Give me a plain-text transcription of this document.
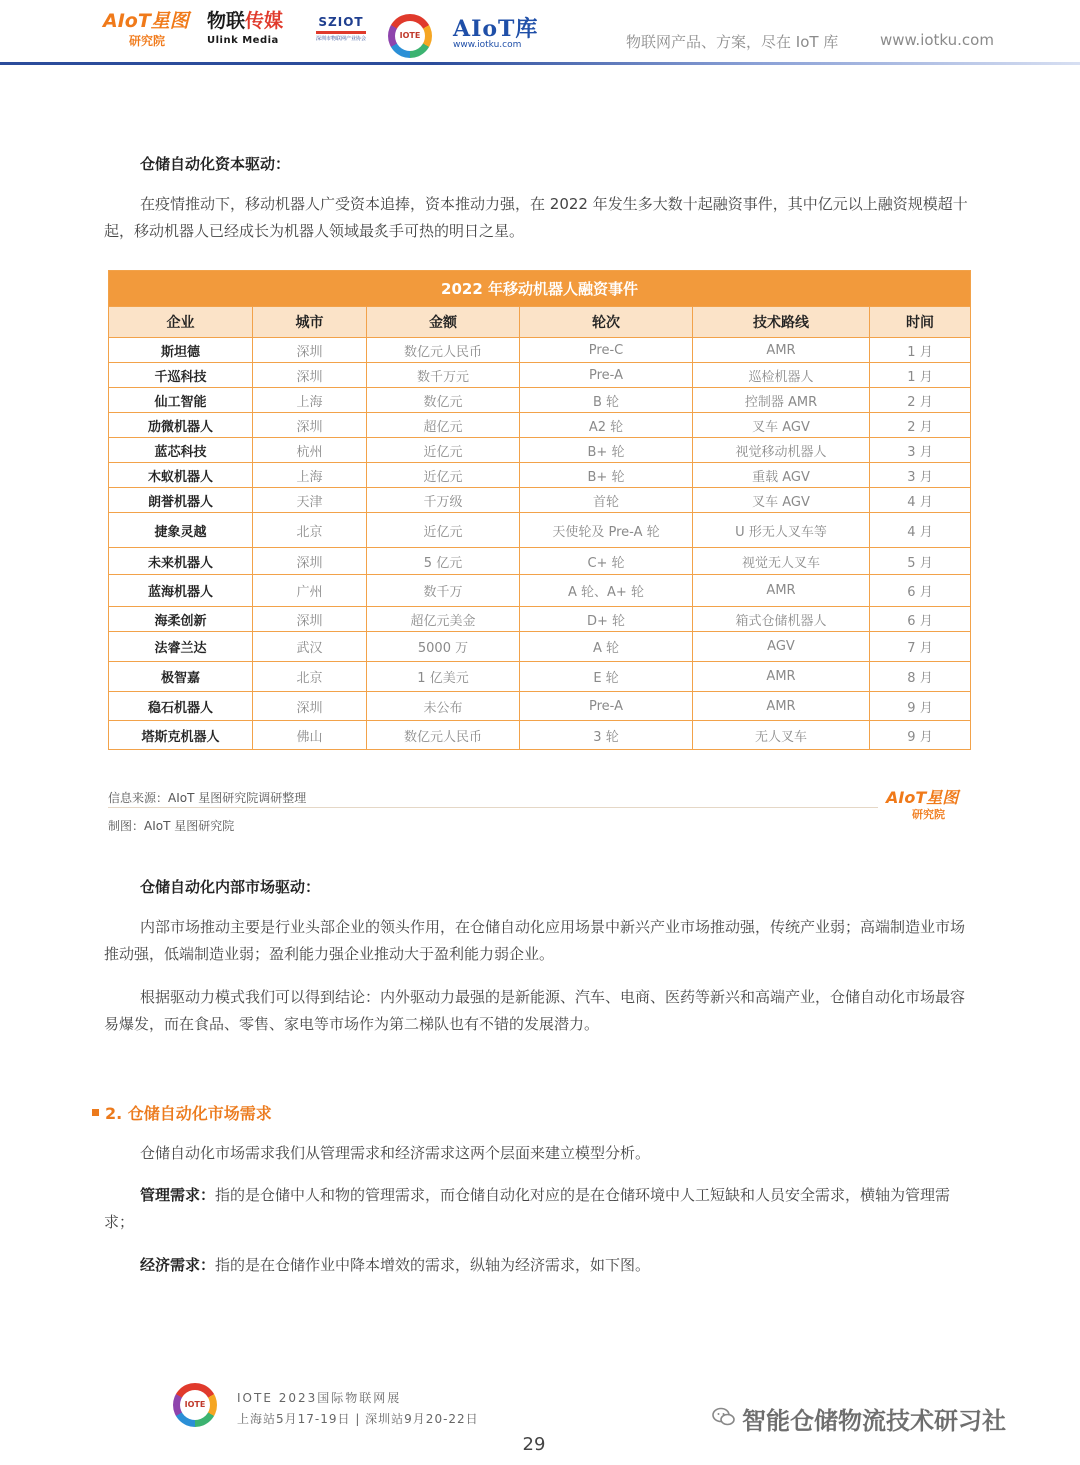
AIoT星图
研究院
物联传媒
Ulink Media
SZIOT
深圳市物联网产业协会	IOTE AIoT库
www.iotku.com	物联网产品、方案，尽在 IoT 库	www.iotku.com
仓储自动化资本驱动：

在疫情推动下，移动机器人广受资本追捧，资本推动力强，在 2022 年发生多大数十起融资事件，其中亿元以上融资规模超十起，移动机器人已经成长为机器人领域最炙手可热的明日之星。

2022 年移动机器人融资事件					
企业	城市	金额	轮次	技术路线	时间
斯坦德	深圳	数亿元人民币	Pre-C	AMR	1 月
千巡科技	深圳	数千万元	Pre-A	巡检机器人	1 月
仙工智能	上海	数亿元	B 轮	控制器 AMR	2 月
劢微机器人	深圳	超亿元	A2 轮	叉车 AGV	2 月
蓝芯科技	杭州	近亿元	B+ 轮	视觉移动机器人	3 月
木蚁机器人	上海	近亿元	B+ 轮	重载 AGV	3 月
朗誉机器人	天津	千万级	首轮	叉车 AGV	4 月
捷象灵越	北京	近亿元	天使轮及 Pre-A 轮	U 形无人叉车等	4 月
未来机器人	深圳	5 亿元	C+ 轮	视觉无人叉车	5 月
蓝海机器人	广州	数千万	A 轮、A+ 轮	AMR	6 月
海柔创新	深圳	超亿元美金	D+ 轮	箱式仓储机器人	6 月
法睿兰达	武汉	5000 万	A 轮	AGV	7 月
极智嘉	北京	1 亿美元	E 轮	AMR	8 月
稳石机器人	深圳	未公布	Pre-A	AMR	9 月
塔斯克机器人	佛山	数亿元人民币	3 轮	无人叉车	9 月
信息来源：AIoT 星图研究院调研整理
制图：AIoT 星图研究院
AIoT星图
研究院
仓储自动化内部市场驱动：

内部市场推动主要是行业头部企业的领头作用，在仓储自动化应用场景中新兴产业市场推动强，传统产业弱；高端制造业市场推动强，低端制造业弱；盈利能力强企业推动大于盈利能力弱企业。

根据驱动力模式我们可以得到结论：内外驱动力最强的是新能源、汽车、电商、医药等新兴和高端产业，仓储自动化市场最容易爆发，而在食品、零售、家电等市场作为第二梯队也有不错的发展潜力。

2. 仓储自动化市场需求

仓储自动化市场需求我们从管理需求和经济需求这两个层面来建立模型分析。

管理需求：指的是仓储中人和物的管理需求，而仓储自动化对应的是在仓储环境中人工短缺和人员安全需求，横轴为管理需求；

经济需求：指的是在仓储作业中降本增效的需求，纵轴为经济需求，如下图。

IOTE	IOTE 2023国际物联网展
上海站5月17-19日 | 深圳站9月20-22日	智能仓储物流技术研习社
29
